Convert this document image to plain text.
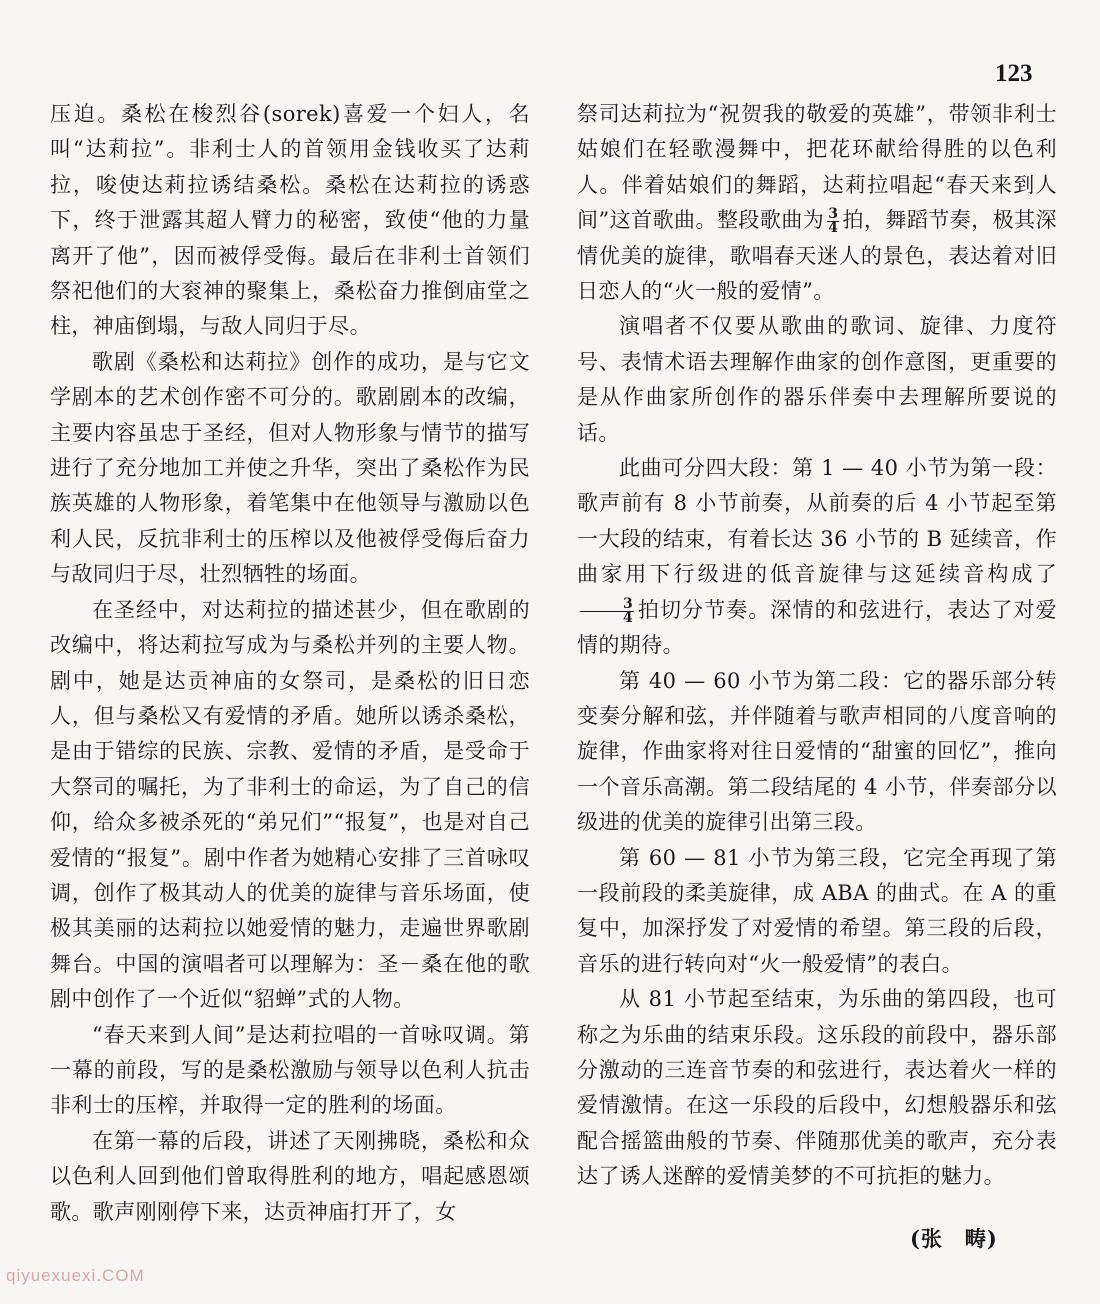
123

压迫。桑松在梭烈谷(sorek)喜爱一个妇人，名叫“达莉拉”。非利士人的首领用金钱收买了达莉拉，唆使达莉拉诱结桑松。桑松在达莉拉的诱惑下，终于泄露其超人臂力的秘密，致使“他的力量离开了他”，因而被俘受侮。最后在非利士首领们祭祀他们的大衮神的聚集上，桑松奋力推倒庙堂之柱，神庙倒塌，与敌人同归于尽。

歌剧《桑松和达莉拉》创作的成功，是与它文学剧本的艺术创作密不可分的。歌剧剧本的改编，主要内容虽忠于圣经，但对人物形象与情节的描写进行了充分地加工并使之升华，突出了桑松作为民族英雄的人物形象，着笔集中在他领导与激励以色利人民，反抗非利士的压榨以及他被俘受侮后奋力与敌同归于尽，壮烈牺牲的场面。

在圣经中，对达莉拉的描述甚少，但在歌剧的改编中，将达莉拉写成为与桑松并列的主要人物。剧中，她是达贡神庙的女祭司，是桑松的旧日恋人，但与桑松又有爱情的矛盾。她所以诱杀桑松，是由于错综的民族、宗教、爱情的矛盾，是受命于大祭司的嘱托，为了非利士的命运，为了自己的信仰，给众多被杀死的“弟兄们”“报复”，也是对自己爱情的“报复”。剧中作者为她精心安排了三首咏叹调，创作了极其动人的优美的旋律与音乐场面，使极其美丽的达莉拉以她爱情的魅力，走遍世界歌剧舞台。中国的演唱者可以理解为：圣－桑在他的歌剧中创作了一个近似“貂蝉”式的人物。

“春天来到人间”是达莉拉唱的一首咏叹调。第一幕的前段，写的是桑松激励与领导以色利人抗击非利士的压榨，并取得一定的胜利的场面。

在第一幕的后段，讲述了天刚拂晓，桑松和众以色利人回到他们曾取得胜利的地方，唱起感恩颂歌。歌声刚刚停下来，达贡神庙打开了，女

祭司达莉拉为“祝贺我的敬爱的英雄”，带领非利士姑娘们在轻歌漫舞中，把花环献给得胜的以色利人。伴着姑娘们的舞蹈，达莉拉唱起“春天来到人间”这首歌曲。整段歌曲为 $\frac{3}{4}$ 拍，舞蹈节奏，极其深情优美的旋律，歌唱春天迷人的景色，表达着对旧日恋人的“火一般的爱情”。

演唱者不仅要从歌曲的歌词、旋律、力度符号、表情术语去理解作曲家的创作意图，更重要的是从作曲家所创作的器乐伴奏中去理解所要说的话。

此曲可分四大段：第 1 — 40 小节为第一段：歌声前有 8 小节前奏，从前奏的后 4 小节起至第一大段的结束，有着长达 36 小节的 B 延续音，作曲家用下行级进的低音旋律与这延续音构成了
$\frac{3}{4}$ 拍切分节奏。深情的和弦进行，表达了对爱情的期待。

第 40 — 60 小节为第二段：它的器乐部分转变奏分解和弦，并伴随着与歌声相同的八度音响的旋律，作曲家将对往日爱情的“甜蜜的回忆”，推向一个音乐高潮。第二段结尾的 4 小节，伴奏部分以级进的优美的旋律引出第三段。

第 60 — 81 小节为第三段，它完全再现了第一段前段的柔美旋律，成 ABA 的曲式。在 A 的重复中，加深抒发了对爱情的希望。第三段的后段，音乐的进行转向对“火一般爱情”的表白。

从 81 小节起至结束，为乐曲的第四段，也可称之为乐曲的结束乐段。这乐段的前段中，器乐部分激动的三连音节奏的和弦进行，表达着火一样的爱情激情。在这一乐段的后段中，幻想般器乐和弦配合摇篮曲般的节奏、伴随那优美的歌声，充分表达了诱人迷醉的爱情美梦的不可抗拒的魅力。

(张　畴)
qiyuexuexi.COM
